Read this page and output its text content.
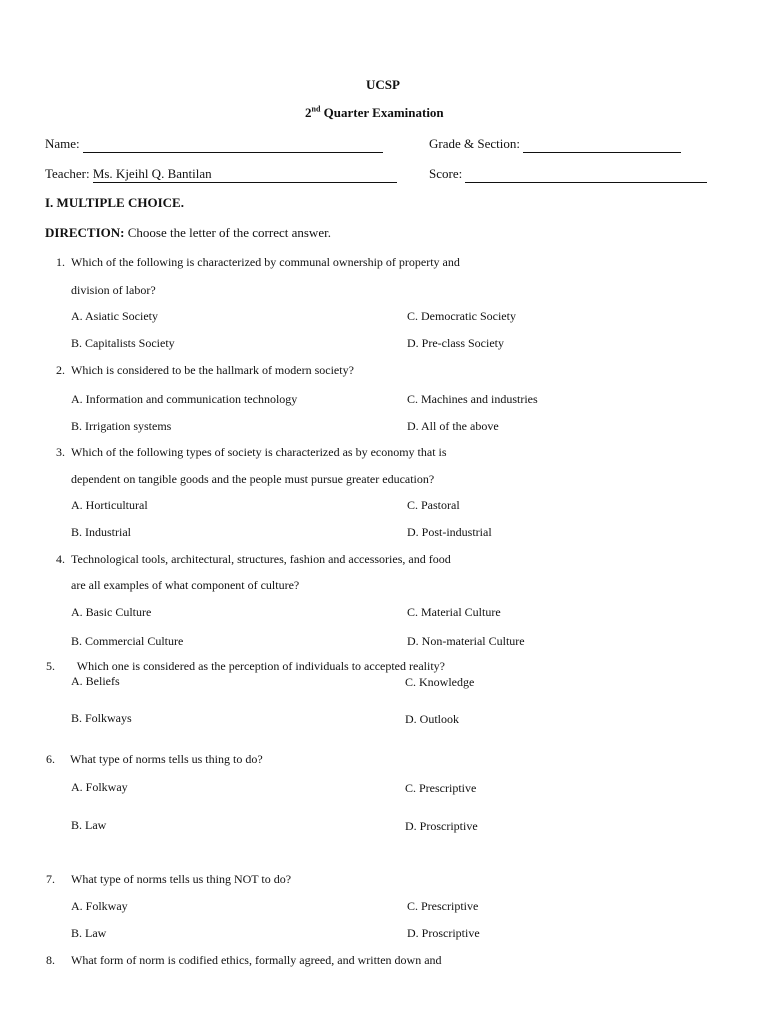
UCSP
2nd Quarter Examination
Name:	Grade & Section:
Teacher: Ms. Kjeihl Q. Bantilan	Score:
I. MULTIPLE CHOICE.
DIRECTION: Choose the letter of the correct answer.
1. Which of the following is characterized by communal ownership of property and
division of labor?
A. Asiatic Society	C. Democratic Society
B. Capitalists Society	D. Pre-class Society
2. Which is considered to be the hallmark of modern society?
A. Information and communication technology	C. Machines and industries
B. Irrigation systems	D. All of the above
3. Which of the following types of society is characterized as by economy that is
dependent on tangible goods and the people must pursue greater education?
A. Horticultural	C. Pastoral
B. Industrial	D. Post-industrial
4. Technological tools, architectural, structures, fashion and accessories, and food
are all examples of what component of culture?
A. Basic Culture	C. Material Culture
B. Commercial Culture	D. Non-material Culture
5. Which one is considered as the perception of individuals to accepted reality?
A. Beliefs	C. Knowledge
B. Folkways	D. Outlook
6. What type of norms tells us thing to do?
A. Folkway	C. Prescriptive
B. Law	D. Proscriptive
7. What type of norms tells us thing NOT to do?
A. Folkway	C. Prescriptive
B. Law	D. Proscriptive
8. What form of norm is codified ethics, formally agreed, and written down and
